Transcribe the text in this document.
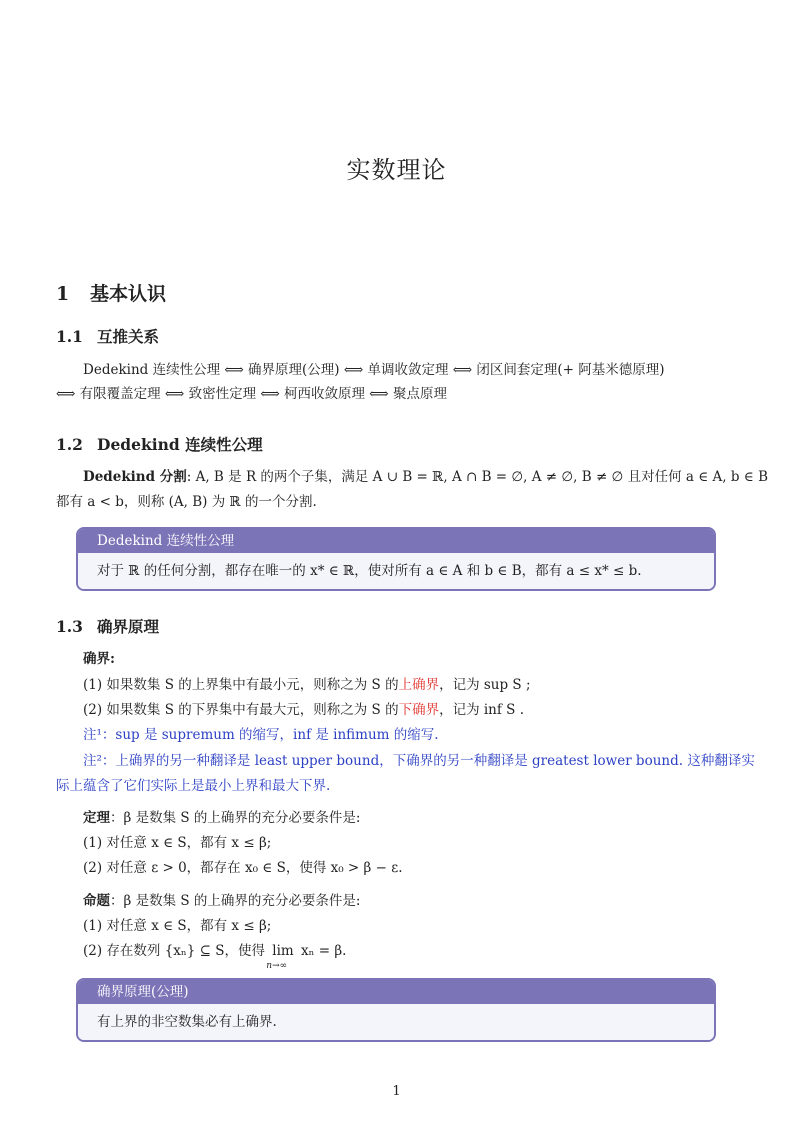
实数理论
1 基本认识
1.1 互推关系
Dedekind 连续性公理 ⟺ 确界原理(公理) ⟺ 单调收敛定理 ⟺ 闭区间套定理(+ 阿基米德原理)
⟺ 有限覆盖定理 ⟺ 致密性定理 ⟺ 柯西收敛原理 ⟺ 聚点原理
1.2 Dedekind 连续性公理
Dedekind 分割: A, B 是 R 的两个子集，满足 A ∪ B = ℝ, A ∩ B = ∅, A ≠ ∅, B ≠ ∅ 且对任何 a ∈ A, b ∈ B
都有 a < b，则称 (A, B) 为 ℝ 的一个分割.
Dedekind 连续性公理
对于 ℝ 的任何分割，都存在唯一的 x* ∈ ℝ，使对所有 a ∈ A 和 b ∈ B，都有 a ≤ x* ≤ b.
1.3 确界原理
确界:
(1) 如果数集 S 的上界集中有最小元，则称之为 S 的上确界，记为 sup S ;
(2) 如果数集 S 的下界集中有最大元，则称之为 S 的下确界，记为 inf S .
注¹：sup 是 supremum 的缩写，inf 是 infimum 的缩写.
注²：上确界的另一种翻译是 least upper bound，下确界的另一种翻译是 greatest lower bound. 这种翻译实
际上蕴含了它们实际上是最小上界和最大下界.
定理：β 是数集 S 的上确界的充分必要条件是:
(1) 对任意 x ∈ S，都有 x ≤ β;
(2) 对任意 ε > 0，都存在 x₀ ∈ S，使得 x₀ > β − ε.
命题：β 是数集 S 的上确界的充分必要条件是:
(1) 对任意 x ∈ S，都有 x ≤ β;
(2) 存在数列 {xₙ} ⊆ S，使得 lim
n→∞
xₙ = β.
确界原理(公理)
有上界的非空数集必有上确界.
1
